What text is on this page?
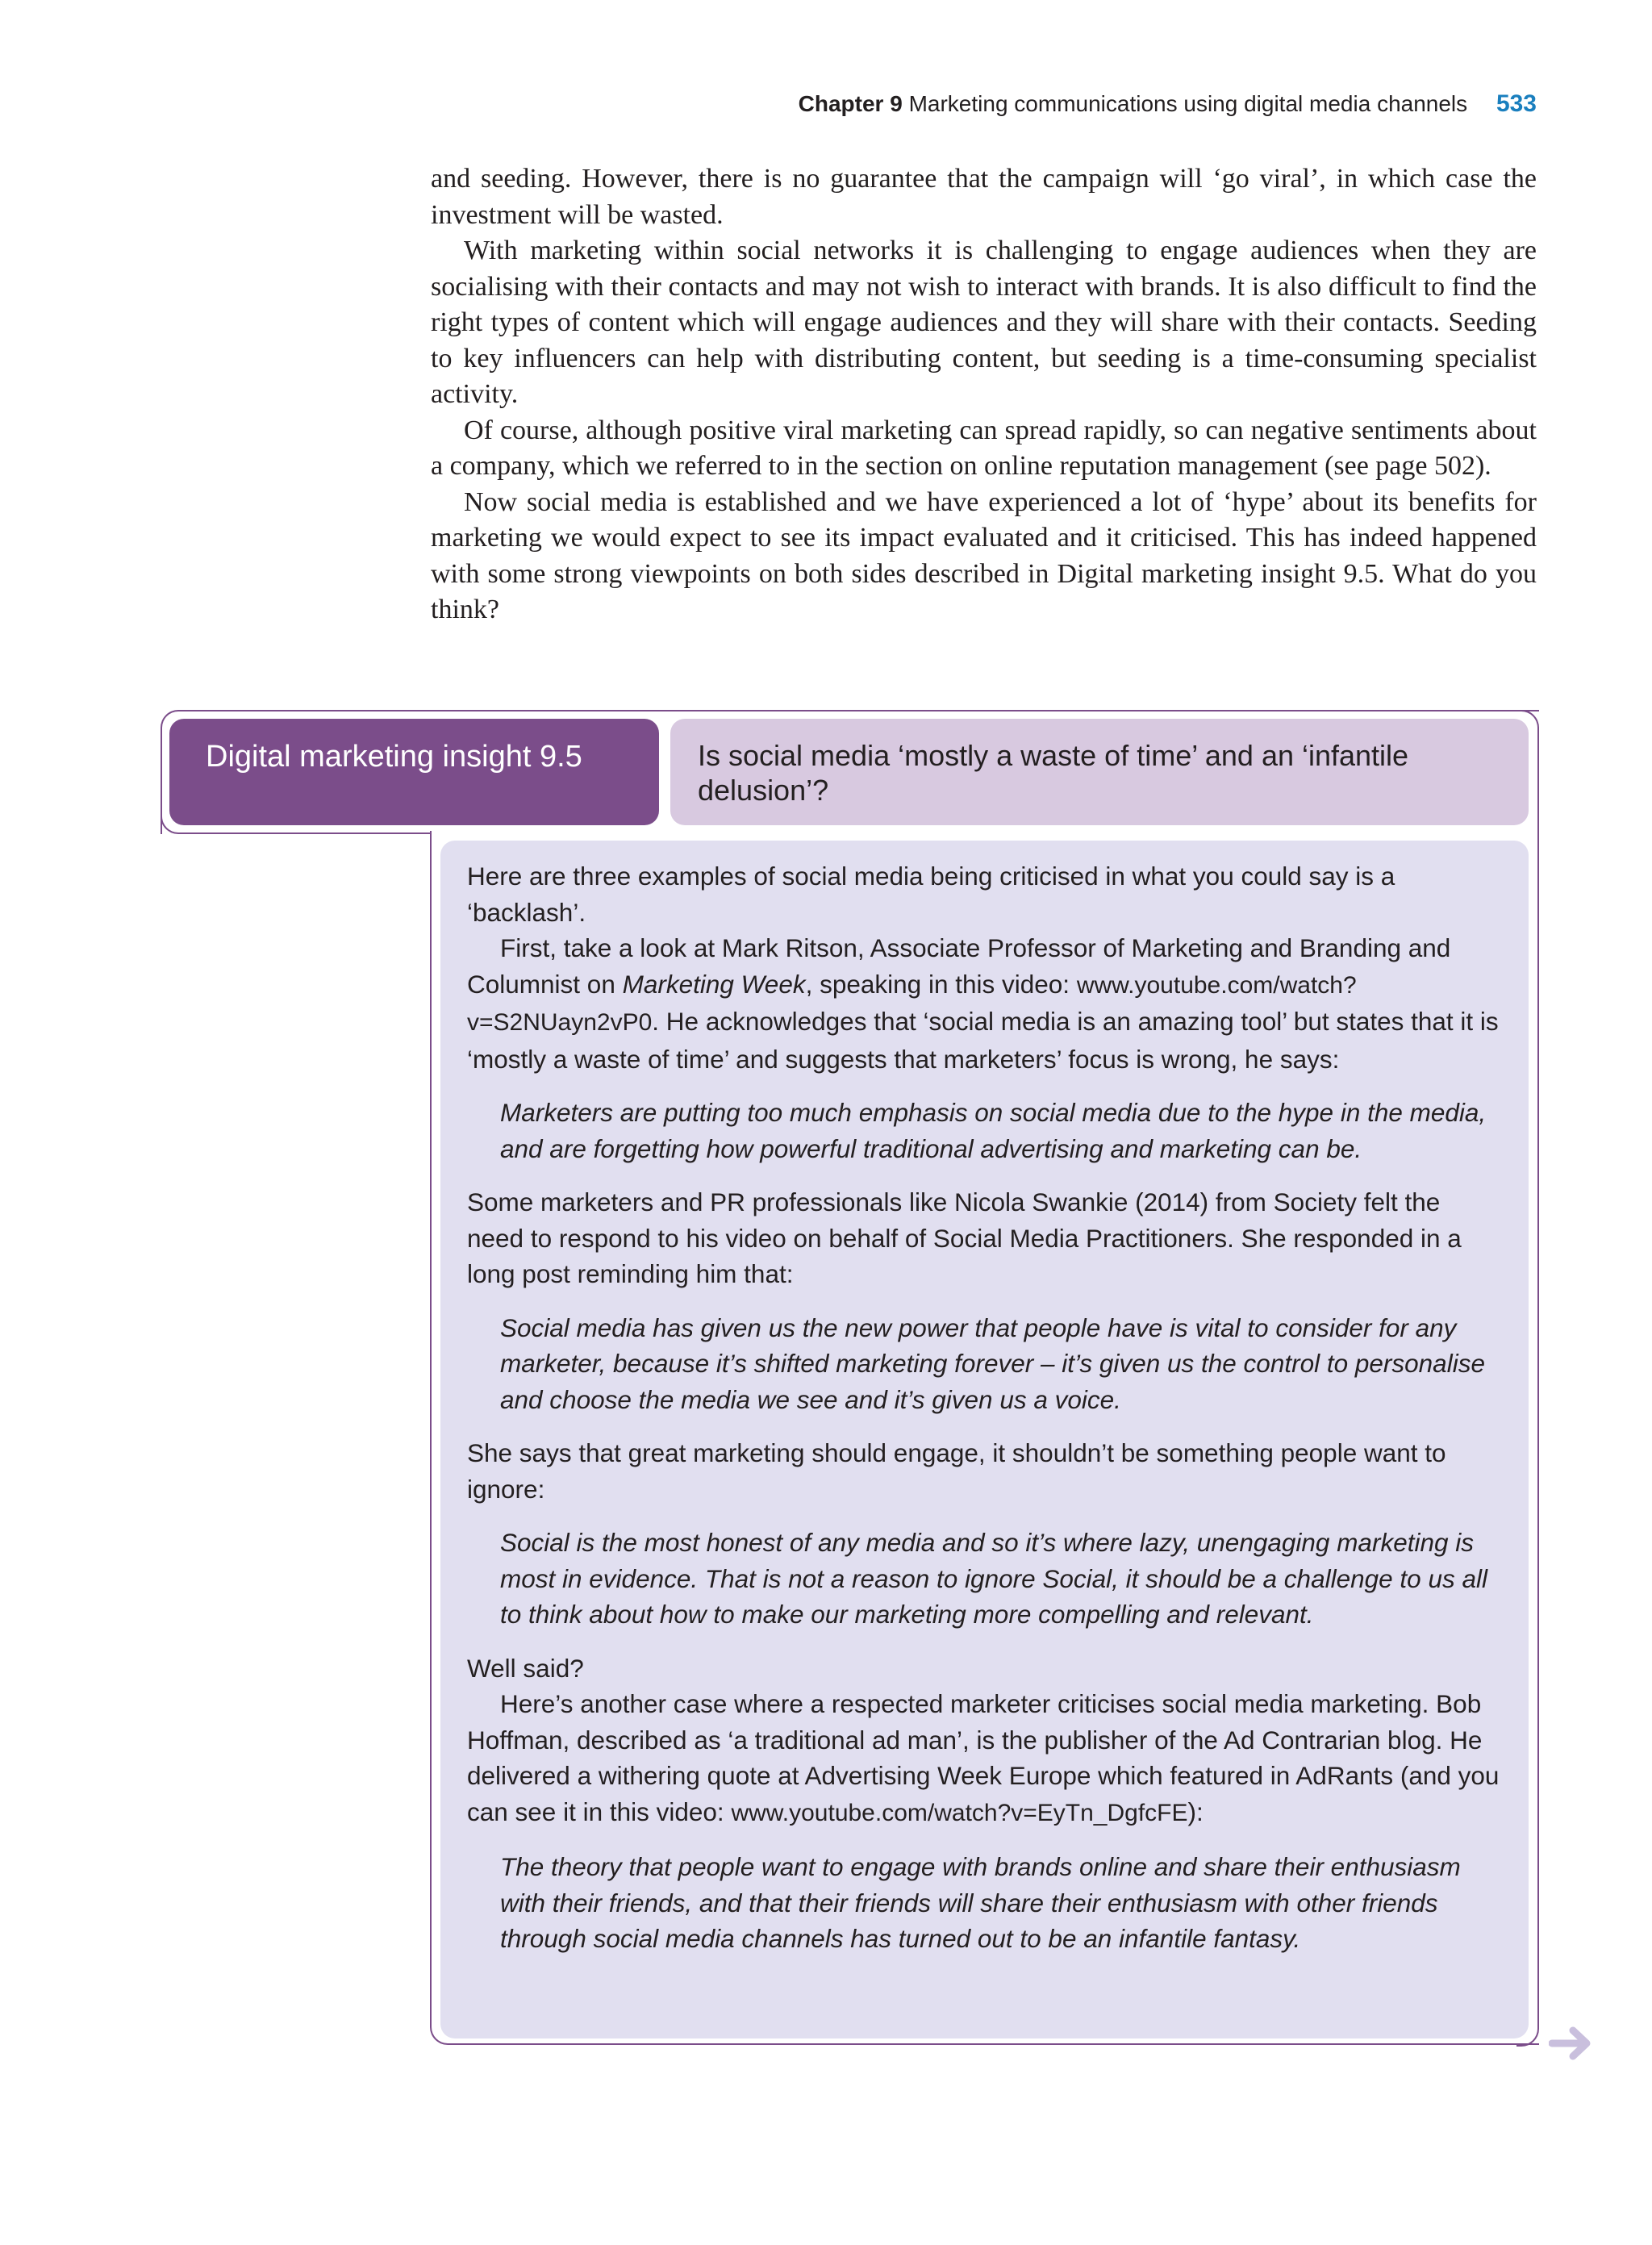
Chapter 9 Marketing communications using digital media channels 533

and seeding. However, there is no guarantee that the campaign will ‘go viral’, in which case the investment will be wasted.

With marketing within social networks it is challenging to engage audiences when they are socialising with their contacts and may not wish to interact with brands. It is also difficult to find the right types of content which will engage audiences and they will share with their contacts. Seeding to key influencers can help with distributing content, but seeding is a time-consuming specialist activity.

Of course, although positive viral marketing can spread rapidly, so can negative sentiments about a company, which we referred to in the section on online reputation management (see page 502).

Now social media is established and we have experienced a lot of ‘hype’ about its benefits for marketing we would expect to see its impact evaluated and it criticised. This has indeed happened with some strong viewpoints on both sides described in Digital marketing insight 9.5. What do you think?

Digital marketing insight 9.5	Is social media ‘mostly a waste of time’ and an ‘infantile delusion’?

Here are three examples of social media being criticised in what you could say is a ‘backlash’.

First, take a look at Mark Ritson, Associate Professor of Marketing and Branding and Columnist on Marketing Week, speaking in this video: www.youtube.com/watch?v=S2NUayn2vP0. He acknowledges that ‘social media is an amazing tool’ but states that it is ‘mostly a waste of time’ and suggests that marketers’ focus is wrong, he says:

Marketers are putting too much emphasis on social media due to the hype in the media, and are forgetting how powerful traditional advertising and marketing can be.

Some marketers and PR professionals like Nicola Swankie (2014) from Society felt the need to respond to his video on behalf of Social Media Practitioners. She responded in a long post reminding him that:

Social media has given us the new power that people have is vital to consider for any marketer, because it’s shifted marketing forever – it’s given us the control to personalise and choose the media we see and it’s given us a voice.

She says that great marketing should engage, it shouldn’t be something people want to ignore:

Social is the most honest of any media and so it’s where lazy, unengaging marketing is most in evidence. That is not a reason to ignore Social, it should be a challenge to us all to think about how to make our marketing more compelling and relevant.

Well said?

Here’s another case where a respected marketer criticises social media marketing. Bob Hoffman, described as ‘a traditional ad man’, is the publisher of the Ad Contrarian blog. He delivered a withering quote at Advertising Week Europe which featured in AdRants (and you can see it in this video: www.youtube.com/watch?v=EyTn_DgfcFE):

The theory that people want to engage with brands online and share their enthusiasm with their friends, and that their friends will share their enthusiasm with other friends through social media channels has turned out to be an infantile fantasy.
